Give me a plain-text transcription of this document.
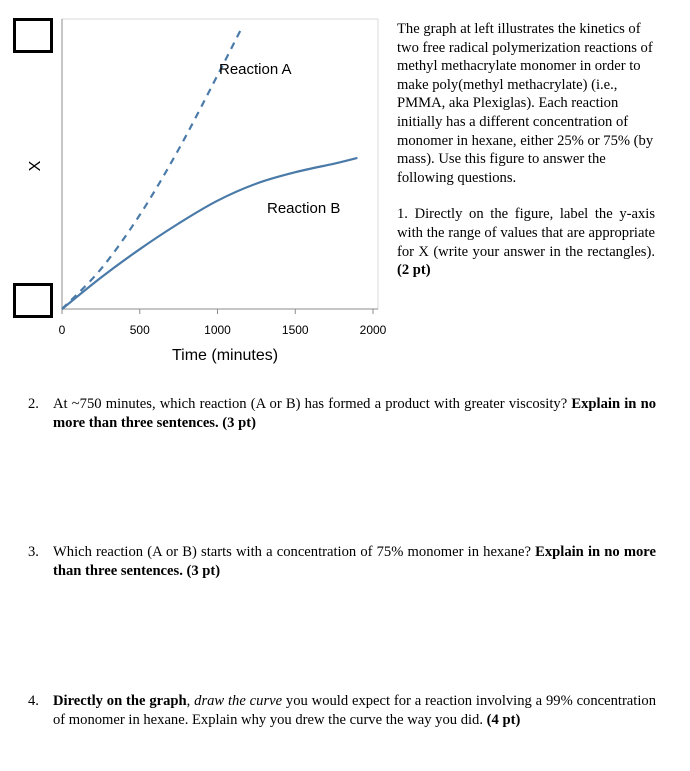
0	500	1000	1500	2000
Reaction A
Reaction B
X
Time (minutes)

The graph at left illustrates the kinetics of two free radical polymerization reactions of methyl methacrylate monomer in order to make poly(methyl methacrylate) (i.e., PMMA, aka Plexiglas). Each reaction initially has a different concentration of monomer in hexane, either 25% or 75% (by mass). Use this figure to answer the following questions.

1. Directly on the figure, label the y-axis with the range of values that are appropriate for X (write your answer in the rectangles). (2 pt)

2. At ~750 minutes, which reaction (A or B) has formed a product with greater viscosity? Explain in no more than three sentences. (3 pt)
3. Which reaction (A or B) starts with a concentration of 75% monomer in hexane? Explain in no more than three sentences. (3 pt)
4. Directly on the graph, draw the curve you would expect for a reaction involving a 99% concentration of monomer in hexane. Explain why you drew the curve the way you did. (4 pt)
